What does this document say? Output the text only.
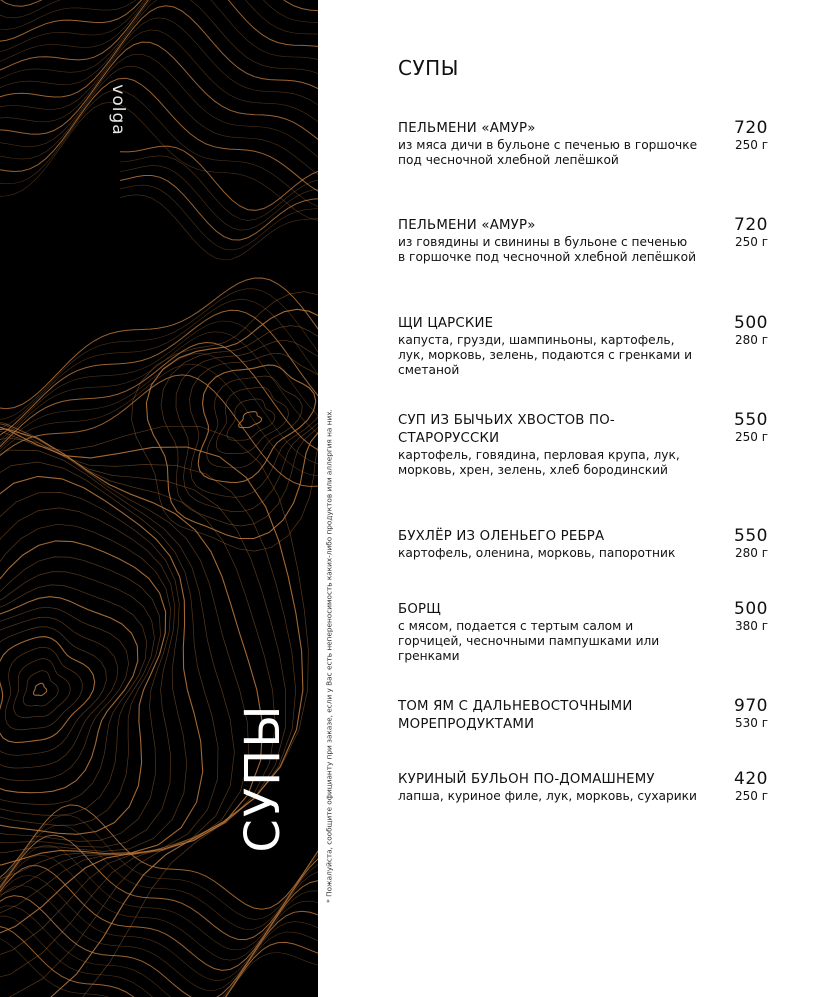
volga
СУПЫ	* Пожалуйста, сообщите официанту при заказе, если у Вас есть непереносимость каких-либо продуктов или аллергия на них.
СУПЫ
ПЕЛЬМЕНИ «АМУР»
из мяса дичи в бульоне с печенью в горшочке под чесночной хлебной лепёшкой
720
250 г
ПЕЛЬМЕНИ «АМУР»
из говядины и свинины в бульоне с печенью в горшочке под чесночной хлебной лепёшкой
720
250 г
ЩИ ЦАРСКИЕ
капуста, грузди, шампиньоны, картофель, лук, морковь, зелень, подаются с гренками и сметаной
500
280 г
СУП ИЗ БЫЧЬИХ ХВОСТОВ ПО-СТАРОРУССКИ
картофель, говядина, перловая крупа, лук, морковь, хрен, зелень, хлеб бородинский
550
250 г
БУХЛЁР ИЗ ОЛЕНЬЕГО РЕБРА
картофель, оленина, морковь, папоротник
550
280 г
БОРЩ
с мясом, подается с тертым салом и горчицей, чесночными пампушками или гренками
500
380 г
ТОМ ЯМ С ДАЛЬНЕВОСТОЧНЫМИ МОРЕПРОДУКТАМИ
970
530 г
КУРИНЫЙ БУЛЬОН ПО-ДОМАШНЕМУ
лапша, куриное филе, лук, морковь, сухарики
420
250 г
